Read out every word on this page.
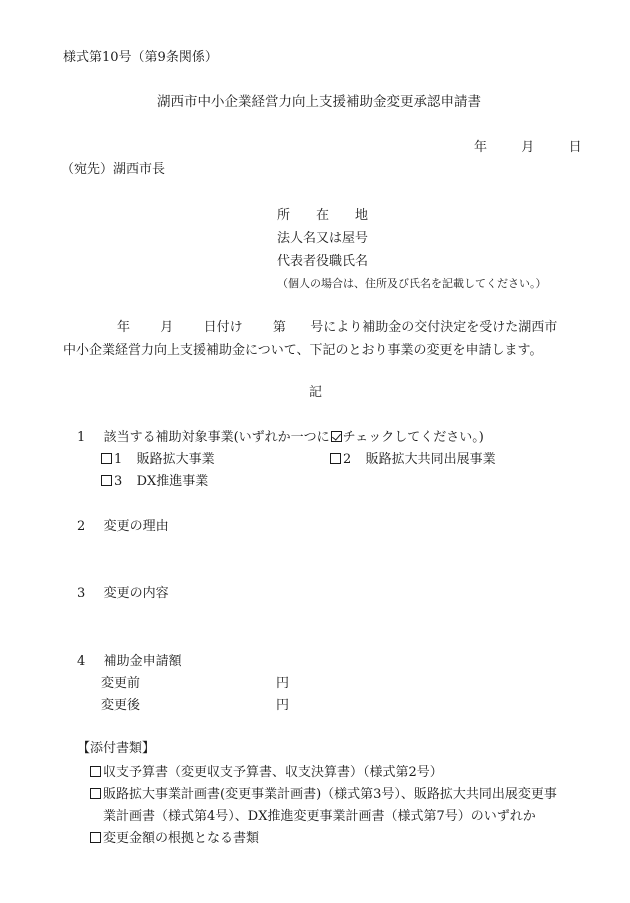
様式第10号（第9条関係）
湖西市中小企業経営力向上支援補助金変更承認申請書
年	月	日
（宛先）湖西市長
所　　在　　地
法人名又は屋号
代表者役職氏名
（個人の場合は、住所及び氏名を記載してください。）
年 月 日付け 第 号により補助金の交付決定を受けた湖西市
中小企業経営力向上支援補助金について、下記のとおり事業の変更を申請します。
記
1 該当する補助対象事業(いずれか一つに チェックしてください。)
1 販路拡大事業	2 販路拡大共同出展事業
3 DX推進事業
2 変更の理由
3 変更の内容
4 補助金申請額
変更前	円
変更後	円
【添付書類】
収支予算書（変更収支予算書、収支決算書）（様式第2号）
販路拡大事業計画書(変更事業計画書)（様式第3号）、販路拡大共同出展変更事
業計画書（様式第4号）、DX推進変更事業計画書（様式第7号）のいずれか
変更金額の根拠となる書類
